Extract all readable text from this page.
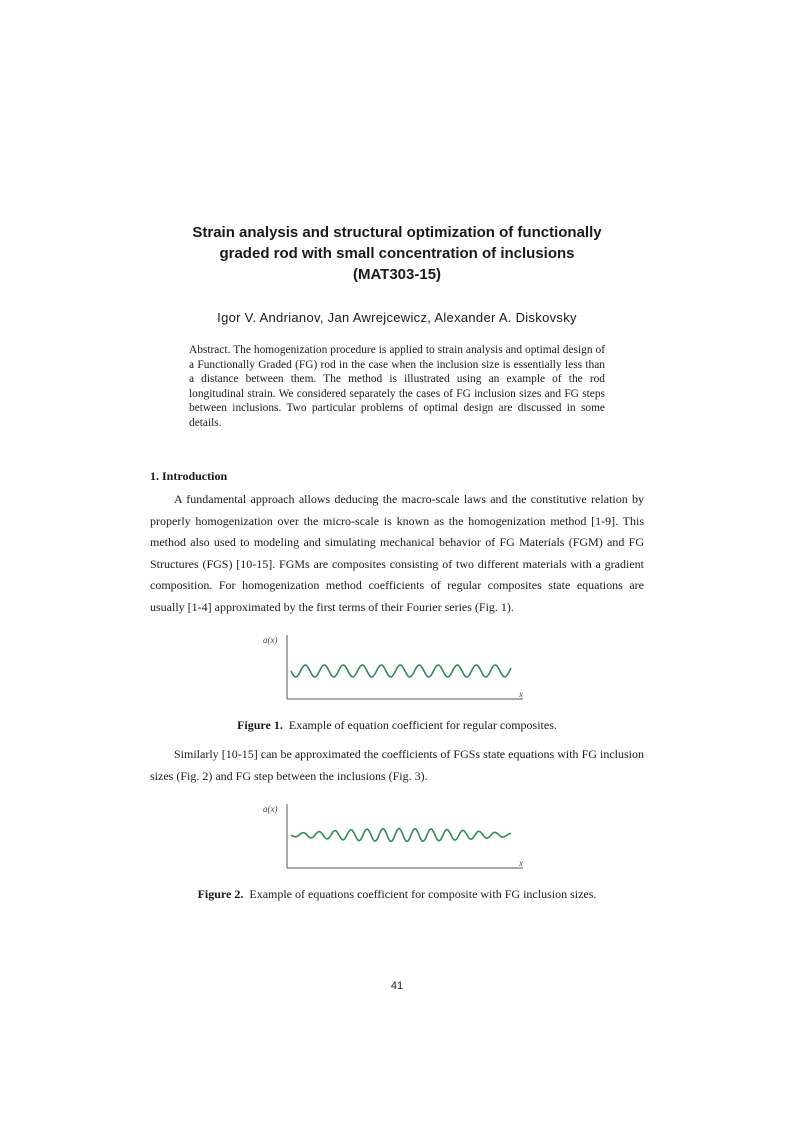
Strain analysis and structural optimization of functionally
graded rod with small concentration of inclusions
(MAT303-15)
Igor V. Andrianov, Jan Awrejcewicz, Alexander A. Diskovsky
Abstract. The homogenization procedure is applied to strain analysis and optimal design of a Functionally Graded (FG) rod in the case when the inclusion size is essentially less than a distance between them. The method is illustrated using an example of the rod longitudinal strain. We considered separately the cases of FG inclusion sizes and FG steps between inclusions. Two particular problems of optimal design are discussed in some details.
1. Introduction
A fundamental approach allows deducing the macro-scale laws and the constitutive relation by properly homogenization over the micro-scale is known as the homogenization method [1-9]. This method also used to modeling and simulating mechanical behavior of FG Materials (FGM) and FG Structures (FGS) [10-15]. FGMs are composites consisting of two different materials with a gradient composition. For homogenization method coefficients of regular composites state equations are usually [1-4] approximated by the first terms of their Fourier series (Fig. 1).
a(x)
x
Figure 1. Example of equation coefficient for regular composites.
Similarly [10-15] can be approximated the coefficients of FGSs state equations with FG inclusion sizes (Fig. 2) and FG step between the inclusions (Fig. 3).
a(x)
x
Figure 2. Example of equations coefficient for composite with FG inclusion sizes.
41
